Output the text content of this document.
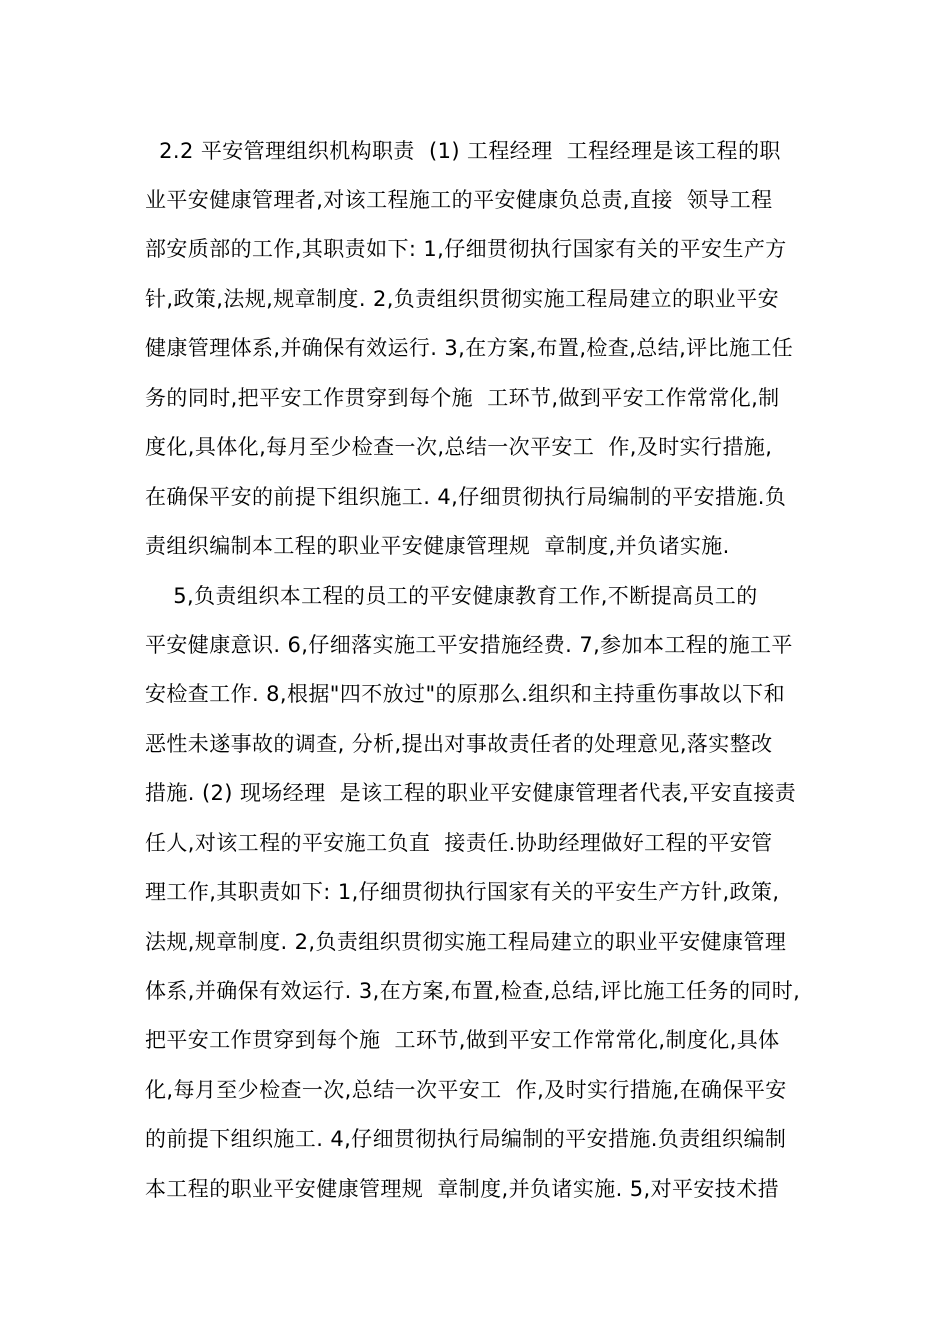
2.2 平安管理组织机构职责  (1) 工程经理  工程经理是该工程的职
业平安健康管理者,对该工程施工的平安健康负总责,直接  领导工程
部安质部的工作,其职责如下: 1,仔细贯彻执行国家有关的平安生产方
针,政策,法规,规章制度. 2,负责组织贯彻实施工程局建立的职业平安
健康管理体系,并确保有效运行. 3,在方案,布置,检查,总结,评比施工任
务的同时,把平安工作贯穿到每个施  工环节,做到平安工作常常化,制
度化,具体化,每月至少检查一次,总结一次平安工  作,及时实行措施,
在确保平安的前提下组织施工. 4,仔细贯彻执行局编制的平安措施.负
责组织编制本工程的职业平安健康管理规  章制度,并负诸实施.
5,负责组织本工程的员工的平安健康教育工作,不断提高员工的
平安健康意识. 6,仔细落实施工平安措施经费. 7,参加本工程的施工平
安检查工作. 8,根据"四不放过"的原那么.组织和主持重伤事故以下和
恶性未遂事故的调查, 分析,提出对事故责任者的处理意见,落实整改
措施. (2) 现场经理  是该工程的职业平安健康管理者代表,平安直接责
任人,对该工程的平安施工负直  接责任.协助经理做好工程的平安管
理工作,其职责如下: 1,仔细贯彻执行国家有关的平安生产方针,政策,
法规,规章制度. 2,负责组织贯彻实施工程局建立的职业平安健康管理
体系,并确保有效运行. 3,在方案,布置,检查,总结,评比施工任务的同时,
把平安工作贯穿到每个施  工环节,做到平安工作常常化,制度化,具体
化,每月至少检查一次,总结一次平安工  作,及时实行措施,在确保平安
的前提下组织施工. 4,仔细贯彻执行局编制的平安措施.负责组织编制
本工程的职业平安健康管理规  章制度,并负诸实施. 5,对平安技术措
